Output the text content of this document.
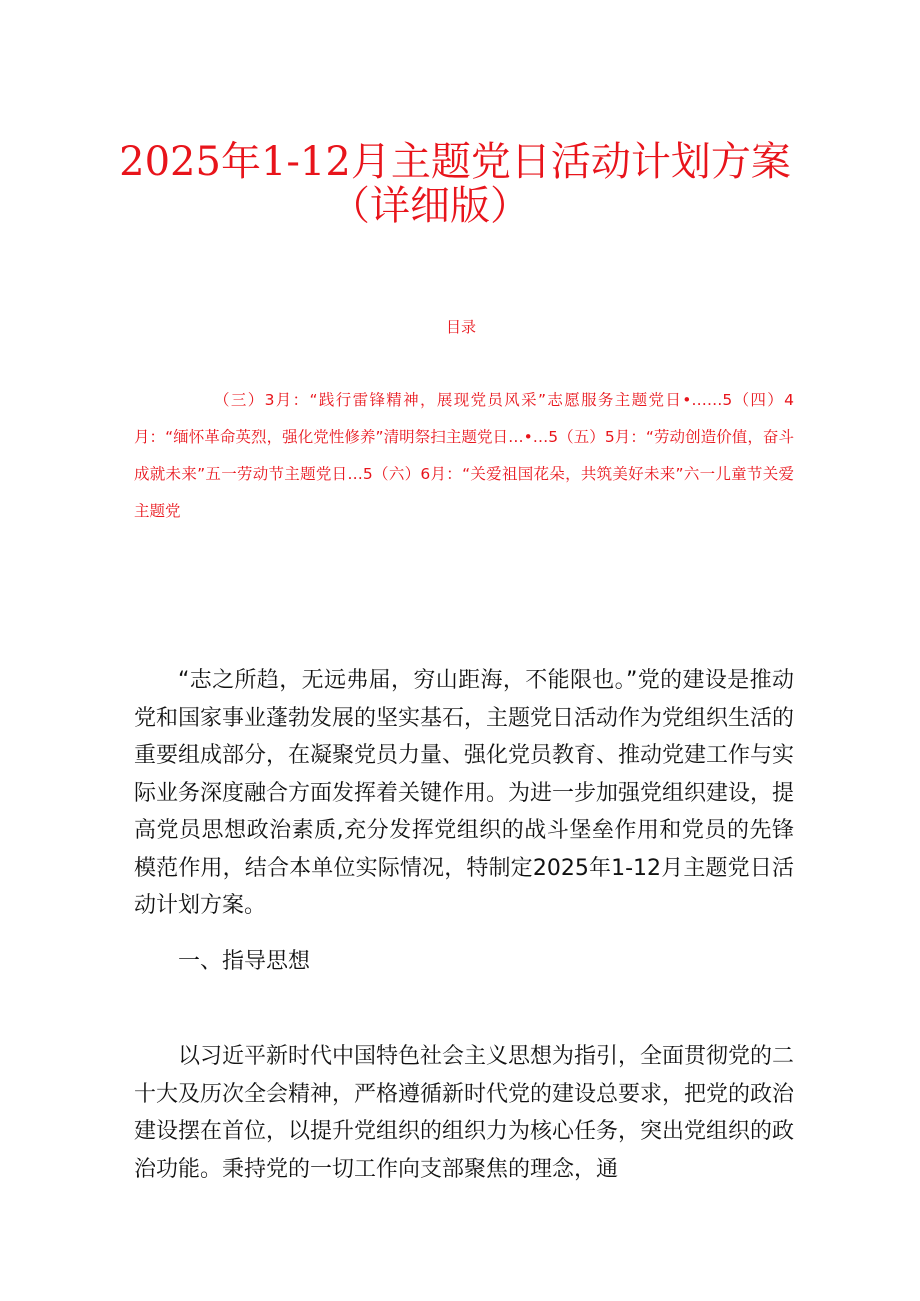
2025年1-12月主题党日活动计划方案
（详细版）
目录
（三）3月：“践行雷锋精神，展现党员风采”志愿服务主题党日•……5（四）4月：“缅怀革命英烈，强化党性修养”清明祭扫主题党日…•…5（五）5月：“劳动创造价值，奋斗成就未来”五一劳动节主题党日…5（六）6月：“关爱祖国花朵，共筑美好未来”六一儿童节关爱主题党

“志之所趋，无远弗届，穷山距海，不能限也。”党的建设是推动党和国家事业蓬勃发展的坚实基石，主题党日活动作为党组织生活的重要组成部分，在凝聚党员力量、强化党员教育、推动党建工作与实际业务深度融合方面发挥着关键作用。为进一步加强党组织建设，提高党员思想政治素质,充分发挥党组织的战斗堡垒作用和党员的先锋模范作用，结合本单位实际情况，特制定2025年1-12月主题党日活动计划方案。

一、指导思想

以习近平新时代中国特色社会主义思想为指引，全面贯彻党的二十大及历次全会精神，严格遵循新时代党的建设总要求，把党的政治建设摆在首位，以提升党组织的组织力为核心任务，突出党组织的政治功能。秉持党的一切工作向支部聚焦的理念，通
